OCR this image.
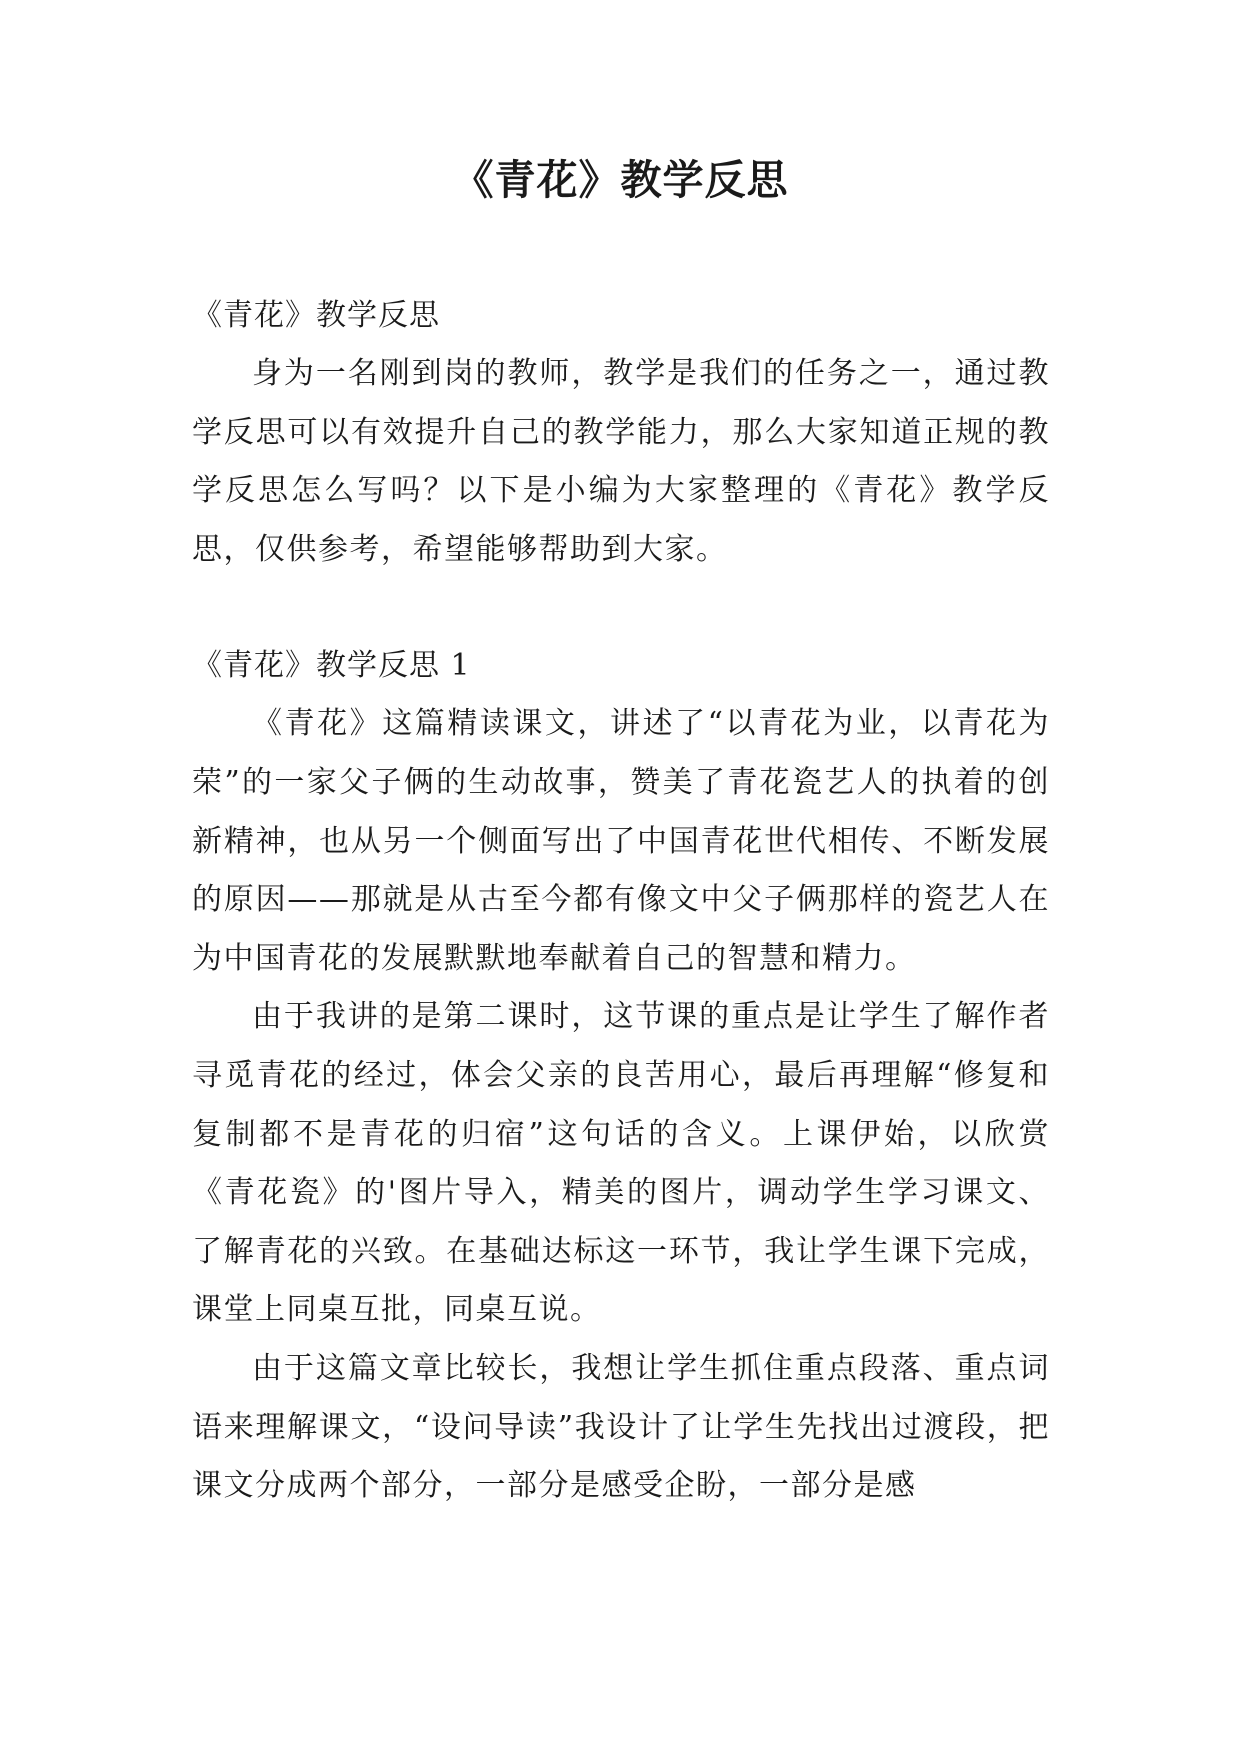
《青花》教学反思

《青花》教学反思

身为一名刚到岗的教师，教学是我们的任务之一，通过教学反思可以有效提升自己的教学能力，那么大家知道正规的教学反思怎么写吗？以下是小编为大家整理的《青花》教学反思，仅供参考，希望能够帮助到大家。

《青花》教学反思 1

《青花》这篇精读课文，讲述了“以青花为业，以青花为荣”的一家父子俩的生动故事，赞美了青花瓷艺人的执着的创新精神，也从另一个侧面写出了中国青花世代相传、不断发展的原因——那就是从古至今都有像文中父子俩那样的瓷艺人在为中国青花的发展默默地奉献着自己的智慧和精力。

由于我讲的是第二课时，这节课的重点是让学生了解作者寻觅青花的经过，体会父亲的良苦用心，最后再理解“修复和复制都不是青花的归宿”这句话的含义。上课伊始，以欣赏《青花瓷》的'图片导入，精美的图片，调动学生学习课文、了解青花的兴致。在基础达标这一环节，我让学生课下完成，课堂上同桌互批，同桌互说。

由于这篇文章比较长，我想让学生抓住重点段落、重点词语来理解课文，“设问导读”我设计了让学生先找出过渡段，把课文分成两个部分，一部分是感受企盼，一部分是感
